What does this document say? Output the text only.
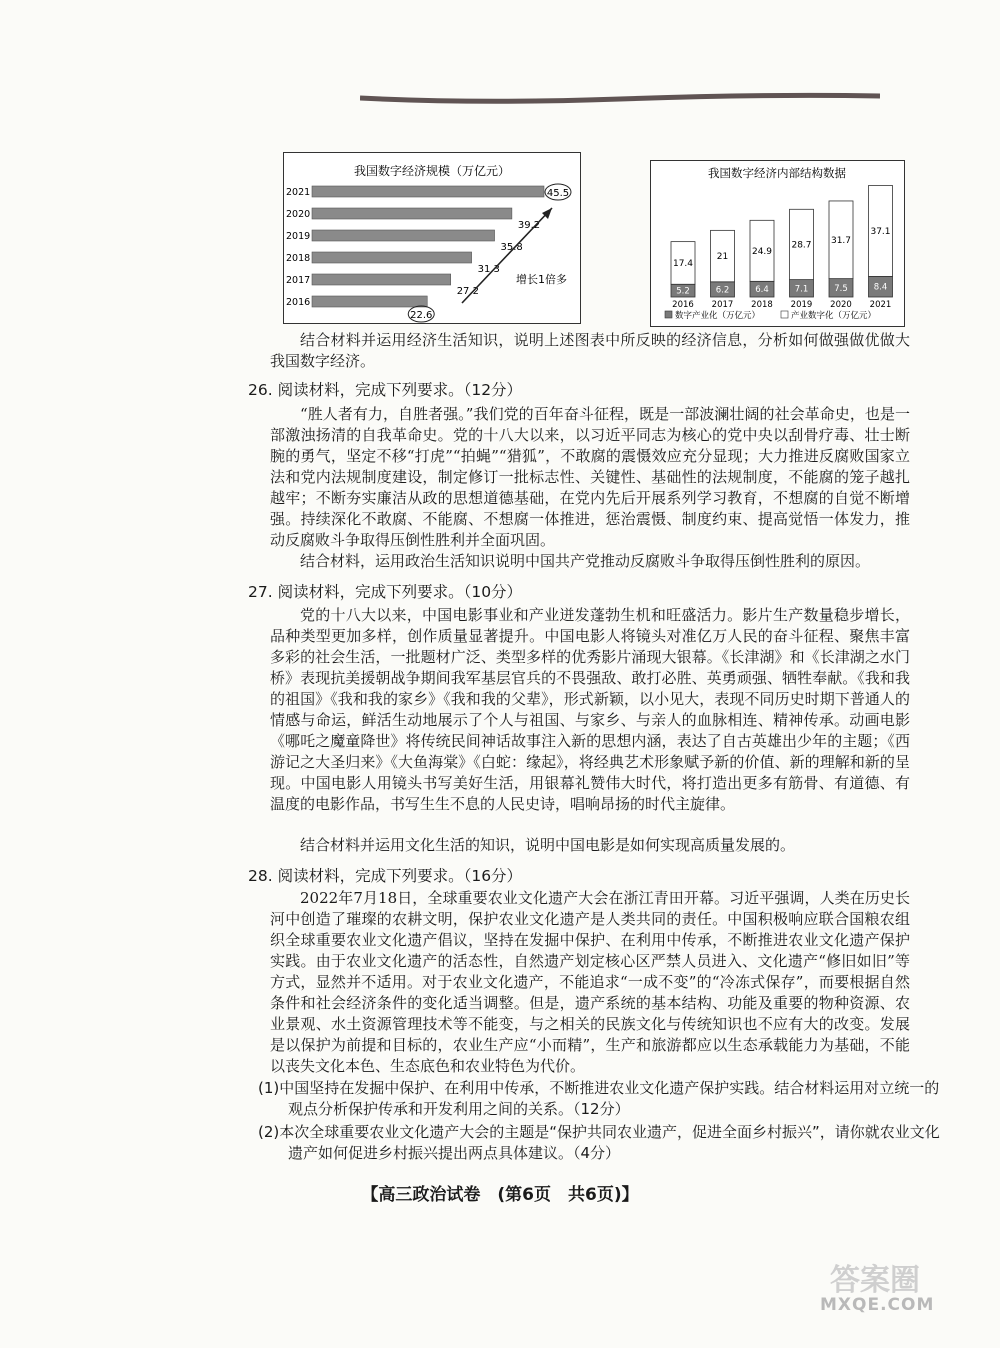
我国数字经济规模（万亿元）
2021	45.5
2020
39.2
2019
35.8
2018
31.3
2017
27.2
2016
22.6
增长1倍多
我国数字经济内部结构数据
5.2
17.4
2016
6.2
21
2017
6.4
24.9
2018
7.1
28.7
2019
7.5
31.7
2020
8.4
37.1
2021
数字产业化（万亿元）	产业数字化（万亿元）
结合材料并运用经济生活知识，说明上述图表中所反映的经济信息，分析如何做强做优做大我国数字经济。
26. 阅读材料，完成下列要求。（12分）
“胜人者有力，自胜者强。”我们党的百年奋斗征程，既是一部波澜壮阔的社会革命史，也是一部激浊扬清的自我革命史。党的十八大以来，以习近平同志为核心的党中央以刮骨疗毒、壮士断腕的勇气，坚定不移“打虎”“拍蝇”“猎狐”，不敢腐的震慑效应充分显现；大力推进反腐败国家立法和党内法规制度建设，制定修订一批标志性、关键性、基础性的法规制度，不能腐的笼子越扎越牢；不断夯实廉洁从政的思想道德基础，在党内先后开展系列学习教育，不想腐的自觉不断增强。持续深化不敢腐、不能腐、不想腐一体推进，惩治震慑、制度约束、提高觉悟一体发力，推动反腐败斗争取得压倒性胜利并全面巩固。
结合材料，运用政治生活知识说明中国共产党推动反腐败斗争取得压倒性胜利的原因。
27. 阅读材料，完成下列要求。（10分）
党的十八大以来，中国电影事业和产业迸发蓬勃生机和旺盛活力。影片生产数量稳步增长，品种类型更加多样，创作质量显著提升。中国电影人将镜头对准亿万人民的奋斗征程、聚焦丰富多彩的社会生活，一批题材广泛、类型多样的优秀影片涌现大银幕。《长津湖》和《长津湖之水门桥》表现抗美援朝战争期间我军基层官兵的不畏强敌、敢打必胜、英勇顽强、牺牲奉献。《我和我的祖国》《我和我的家乡》《我和我的父辈》，形式新颖，以小见大，表现不同历史时期下普通人的情感与命运，鲜活生动地展示了个人与祖国、与家乡、与亲人的血脉相连、精神传承。动画电影《哪吒之魔童降世》将传统民间神话故事注入新的思想内涵，表达了自古英雄出少年的主题；《西游记之大圣归来》《大鱼海棠》《白蛇：缘起》，将经典艺术形象赋予新的价值、新的理解和新的呈现。中国电影人用镜头书写美好生活，用银幕礼赞伟大时代，将打造出更多有筋骨、有道德、有温度的电影作品，书写生生不息的人民史诗，唱响昂扬的时代主旋律。
结合材料并运用文化生活的知识，说明中国电影是如何实现高质量发展的。
28. 阅读材料，完成下列要求。（16分）
2022年7月18日，全球重要农业文化遗产大会在浙江青田开幕。习近平强调，人类在历史长河中创造了璀璨的农耕文明，保护农业文化遗产是人类共同的责任。中国积极响应联合国粮农组织全球重要农业文化遗产倡议，坚持在发掘中保护、在利用中传承，不断推进农业文化遗产保护实践。由于农业文化遗产的活态性，自然遗产划定核心区严禁人员进入、文化遗产“修旧如旧”等方式，显然并不适用。对于农业文化遗产，不能追求“一成不变”的“冷冻式保存”，而要根据自然条件和社会经济条件的变化适当调整。但是，遗产系统的基本结构、功能及重要的物种资源、农业景观、水土资源管理技术等不能变，与之相关的民族文化与传统知识也不应有大的改变。发展是以保护为前提和目标的，农业生产应“小而精”，生产和旅游都应以生态承载能力为基础，不能以丧失文化本色、生态底色和农业特色为代价。
(1)中国坚持在发掘中保护、在利用中传承，不断推进农业文化遗产保护实践。结合材料运用对立统一的观点分析保护传承和开发利用之间的关系。（12分）
(2)本次全球重要农业文化遗产大会的主题是“保护共同农业遗产，促进全面乡村振兴”，请你就农业文化遗产如何促进乡村振兴提出两点具体建议。（4分）
【高三政治试卷　(第6页　共6页)】
答案圈
MXQE.COM
